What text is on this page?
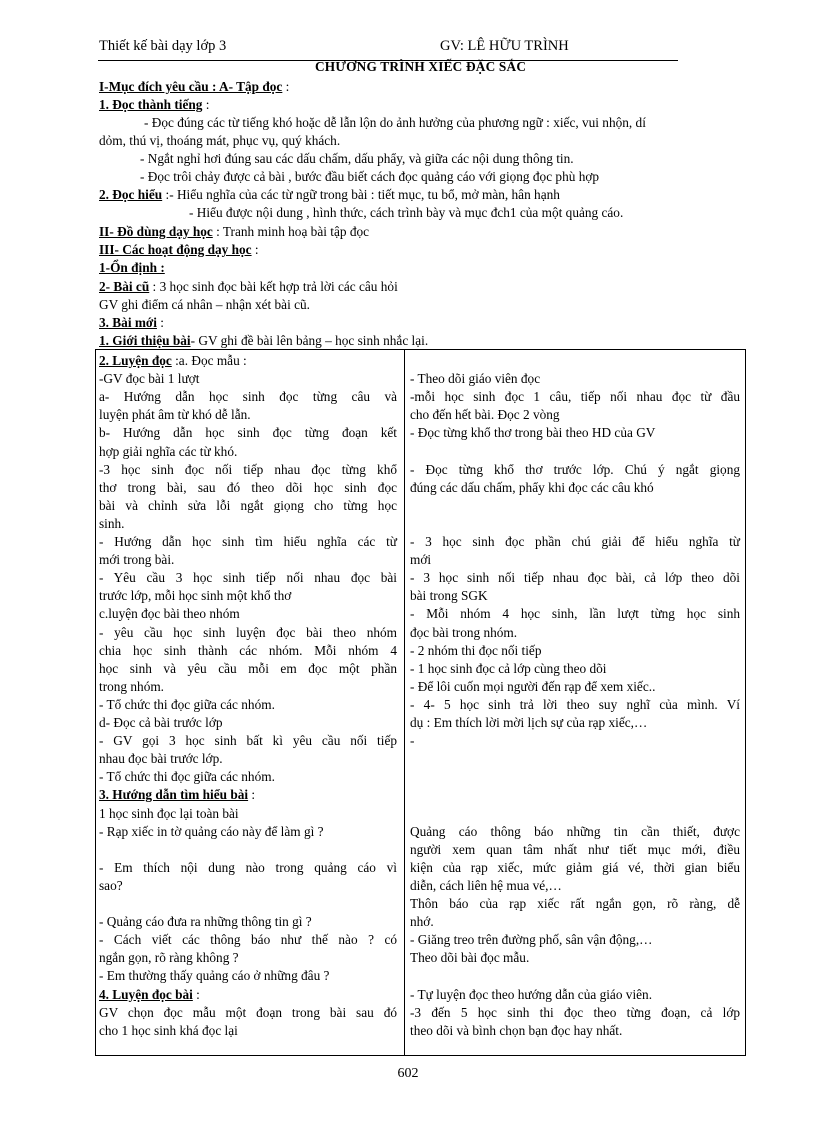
Thiết kế bài dạy lớp 3	GV: LÊ HỮU TRÌNH
CHƯƠNG TRÌNH XIẾC ĐẶC SẮC
I-Mục đích yêu cầu : A- Tập đọc :
1. Đọc thành tiếng :
- Đọc đúng các từ tiếng khó hoặc dễ lẫn lộn do ảnh hưởng của phương ngữ : xiếc, vui nhộn, dí
dỏm, thú vị, thoáng mát, phục vụ, quý khách.
- Ngắt nghỉ hơi đúng sau các dấu chấm, dấu phẩy, và giữa các nội dung thông tin.
- Đọc trôi chảy được cả bài , bước đầu biết cách đọc quảng cáo với giọng đọc phù hợp
2. Đọc hiểu :- Hiểu nghĩa của các từ ngữ trong bài : tiết mục, tu bổ, mở màn, hân hạnh
- Hiểu được nội dung , hình thức, cách trình bày và mục đch1 của một quảng cáo.
II- Đồ dùng dạy học : Tranh minh hoạ bài tập đọc
III- Các hoạt động dạy học :
1-Ổn định :
2- Bài cũ : 3 học sinh đọc bài kết hợp trả lời các câu hỏi
GV ghi điểm cá nhân – nhận xét bài cũ.
3. Bài mới :
1. Giới thiệu bài- GV ghi đề bài lên bảng – học sinh nhắc lại.
2. Luyện đọc :a. Đọc mẫu :
-GV đọc bài 1 lượt
a- Hướng dẫn học sinh đọc từng câu và
luyện phát âm từ khó dễ lẫn.
b- Hướng dẫn học sinh đọc từng đoạn kết
hợp giải nghĩa các từ khó.
-3 học sinh đọc nối tiếp nhau đọc từng khổ
thơ trong bài, sau đó theo dõi học sinh đọc
bài và chỉnh sửa lỗi ngắt giọng cho từng học
sinh.
- Hướng dẫn học sinh tìm hiểu nghĩa các từ
mới trong bài.
- Yêu cầu 3 học sinh tiếp nối nhau đọc bài
trước lớp, mỗi học sinh một khổ thơ
c.luyện đọc bài theo nhóm
- yêu cầu học sinh luyện đọc bài theo nhóm
chia học sinh thành các nhóm. Mỗi nhóm 4
học sinh và yêu cầu mỗi em đọc một phần
trong nhóm.
- Tổ chức thi đọc giữa các nhóm.
d- Đọc cả bài trước lớp
- GV gọi 3 học sinh bất kì yêu cầu nối tiếp
nhau đọc bài trước lớp.
- Tổ chức thi đọc giữa các nhóm.
3. Hướng dẫn tìm hiểu bài :
1 học sinh đọc lại toàn bài
- Rạp xiếc in tờ quảng cáo này để làm gì ?
- Em thích nội dung nào trong quảng cáo vì
sao?
- Quảng cáo đưa ra những thông tin gì ?
- Cách viết các thông báo như thế nào ? có
ngắn gọn, rõ ràng không ?
- Em thường thấy quảng cáo ở những đâu ?
4. Luyện đọc bài :
GV chọn đọc mẫu một đoạn trong bài sau đó
cho 1 học sinh khá đọc lại
- Theo dõi giáo viên đọc
-mỗi học sinh đọc 1 câu, tiếp nối nhau đọc từ đầu
cho đến hết bài. Đọc 2 vòng
- Đọc từng khổ thơ trong bài theo HD của GV
- Đọc từng khổ thơ trước lớp. Chú ý ngắt giọng
đúng các dấu chấm, phẩy khi đọc các câu khó
- 3 học sinh đọc phần chú giải để hiểu nghĩa từ
mới
- 3 học sinh nối tiếp nhau đọc bài, cả lớp theo dõi
bài trong SGK
- Mỗi nhóm 4 học sinh, lần lượt từng học sinh
đọc bài trong nhóm.
- 2 nhóm thi đọc nối tiếp
- 1 học sinh đọc cả lớp cùng theo dõi
- Để lôi cuốn mọi người đến rạp để xem xiếc..
- 4- 5 học sinh trả lời theo suy nghĩ của mình. Ví
dụ : Em thích lời mời lịch sự của rạp xiếc,…
-
Quảng cáo thông báo những tin cần thiết, được
người xem quan tâm nhất như tiết mục mới, điều
kiện của rạp xiếc, mức giảm giá vé, thời gian biểu
diễn, cách liên hệ mua vé,…
Thôn báo của rạp xiếc rất ngắn gọn, rõ ràng, dễ
nhớ.
- Giăng treo trên đường phố, sân vận động,…
Theo dõi bài đọc mẫu.
- Tự luyện đọc theo hướng dẫn của giáo viên.
-3 đến 5 học sinh thi đọc theo từng đoạn, cả lớp
theo dõi và bình chọn bạn đọc hay nhất.
602
